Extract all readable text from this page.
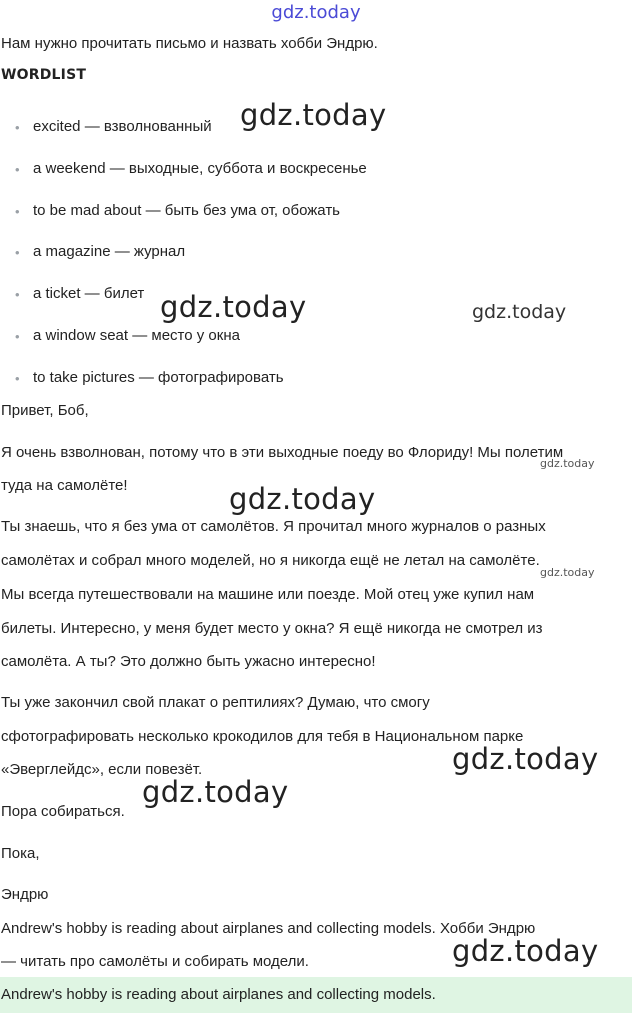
gdz.today
Нам нужно прочитать письмо и назвать хобби Эндрю.
WORDLIST
• excited — взволнованный
• a weekend — выходные, суббота и воскресенье
• to be mad about — быть без ума от, обожать
• a magazine — журнал
• a ticket — билет
• a window seat — место у окна
• to take pictures — фотографировать
Привет, Боб,
Я очень взволнован, потому что в эти выходные поеду во Флориду! Мы полетим
туда на самолёте!
Ты знаешь, что я без ума от самолётов. Я прочитал много журналов о разных
самолётах и собрал много моделей, но я никогда ещё не летал на самолёте.
Мы всегда путешествовали на машине или поезде. Мой отец уже купил нам
билеты. Интересно, у меня будет место у окна? Я ещё никогда не смотрел из
самолёта. А ты? Это должно быть ужасно интересно!
Ты уже закончил свой плакат о рептилиях? Думаю, что смогу
сфотографировать несколько крокодилов для тебя в Национальном парке
«Эверглейдс», если повезёт.
Пора собираться.
Пока,
Эндрю
Andrew's hobby is reading about airplanes and collecting models. Хобби Эндрю
— читать про самолёты и собирать модели.
Andrew's hobby is reading about airplanes and collecting models.
gdz.today
gdz.today	gdz.today
gdz.today
gdz.today
gdz.today
gdz.today
gdz.today
gdz.today
